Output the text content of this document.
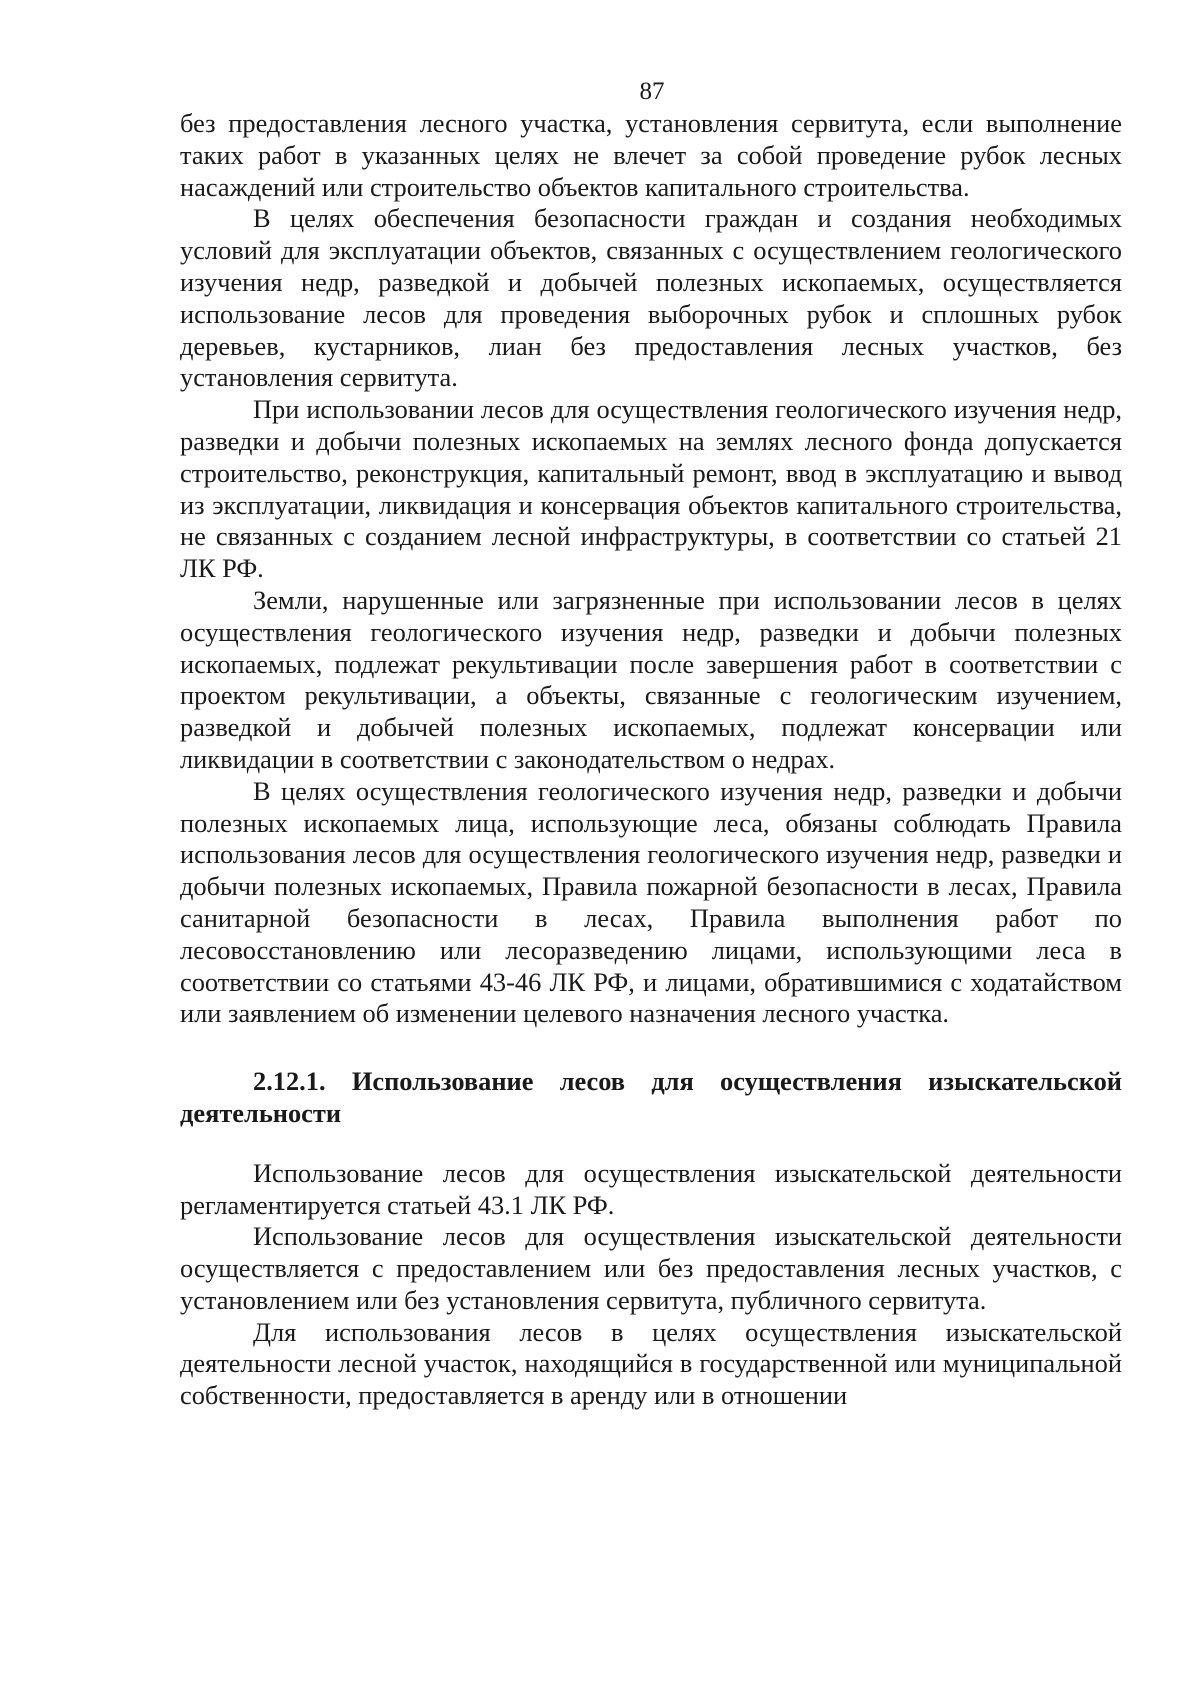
87

без предоставления лесного участка, установления сервитута, если выполнение таких работ в указанных целях не влечет за собой проведение рубок лесных насаждений или строительство объектов капитального строительства.

В целях обеспечения безопасности граждан и создания необходимых условий для эксплуатации объектов, связанных с осуществлением геологического изучения недр, разведкой и добычей полезных ископаемых, осуществляется использование лесов для проведения выборочных рубок и сплошных рубок деревьев, кустарников, лиан без предоставления лесных участков, без установления сервитута.

При использовании лесов для осуществления геологического изучения недр, разведки и добычи полезных ископаемых на землях лесного фонда допускается строительство, реконструкция, капитальный ремонт, ввод в эксплуатацию и вывод из эксплуатации, ликвидация и консервация объектов капитального строительства, не связанных с созданием лесной инфраструктуры, в соответствии со статьей 21 ЛК РФ.

Земли, нарушенные или загрязненные при использовании лесов в целях осуществления геологического изучения недр, разведки и добычи полезных ископаемых, подлежат рекультивации после завершения работ в соответствии с проектом рекультивации, а объекты, связанные с геологическим изучением, разведкой и добычей полезных ископаемых, подлежат консервации или ликвидации в соответствии с законодательством о недрах.

В целях осуществления геологического изучения недр, разведки и добычи полезных ископаемых лица, использующие леса, обязаны соблюдать Правила использования лесов для осуществления геологического изучения недр, разведки и добычи полезных ископаемых, Правила пожарной безопасности в лесах, Правила санитарной безопасности в лесах, Правила выполнения работ по лесовосстановлению или лесоразведению лицами, использующими леса в соответствии со статьями 43-46 ЛК РФ, и лицами, обратившимися с ходатайством или заявлением об изменении целевого назначения лесного участка.

2.12.1. Использование лесов для осуществления изыскательской деятельности

Использование лесов для осуществления изыскательской деятельности регламентируется статьей 43.1 ЛК РФ.

Использование лесов для осуществления изыскательской деятельности осуществляется с предоставлением или без предоставления лесных участков, с установлением или без установления сервитута, публичного сервитута.

Для использования лесов в целях осуществления изыскательской деятельности лесной участок, находящийся в государственной или муниципальной собственности, предоставляется в аренду или в отношении
